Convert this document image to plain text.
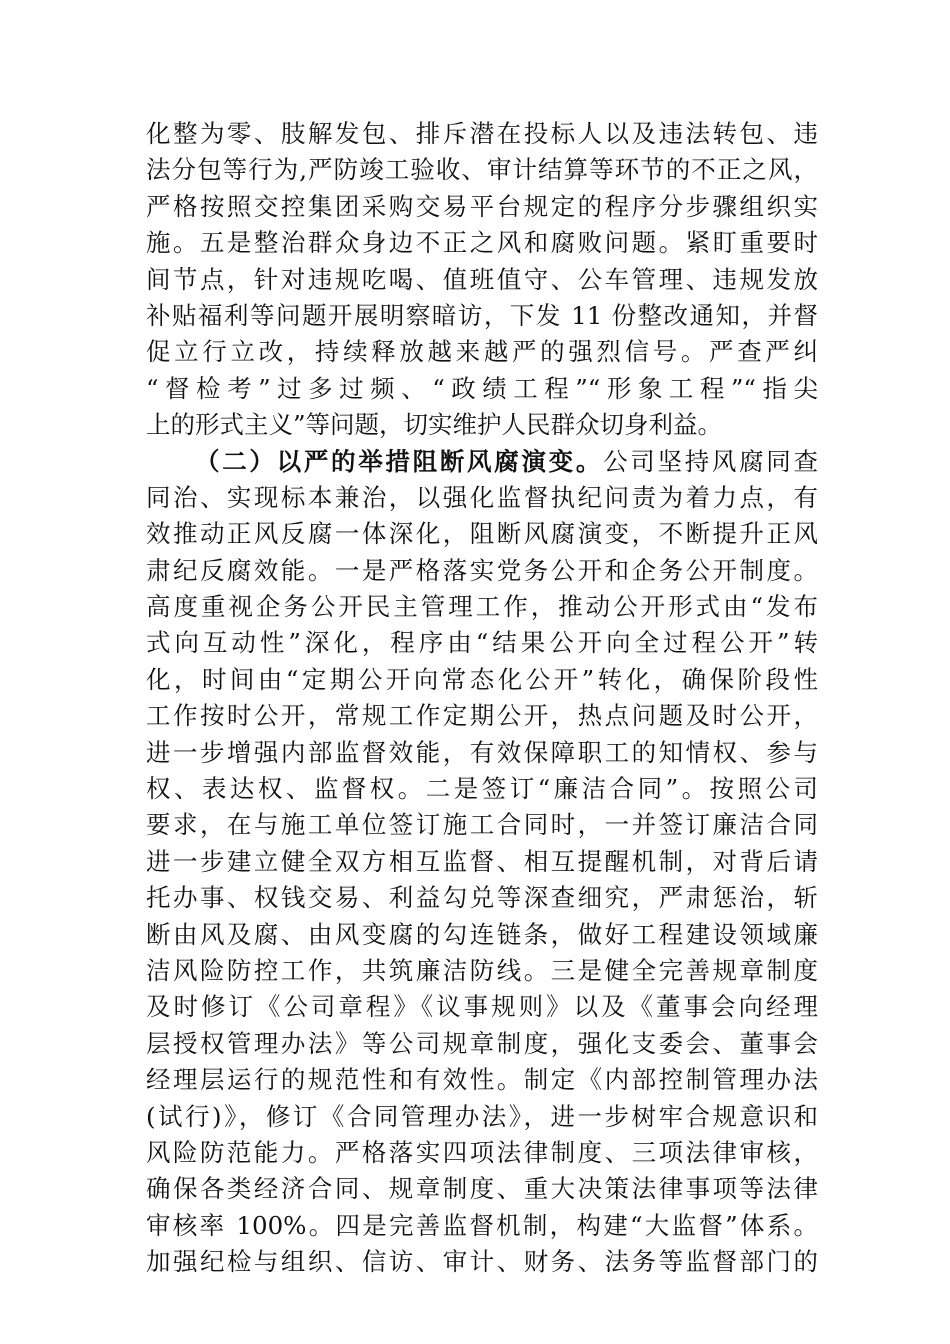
化整为零、肢解发包、排斥潜在投标人以及违法转包、违
法分包等行为,严防竣工验收、审计结算等环节的不正之风，
严格按照交控集团采购交易平台规定的程序分步骤组织实
施。五是整治群众身边不正之风和腐败问题。紧盯重要时
间节点，针对违规吃喝、值班值守、公车管理、违规发放
补贴福利等问题开展明察暗访，下发 11 份整改通知，并督
促立行立改，持续释放越来越严的强烈信号。严查严纠
“督检考”过多过频、“政绩工程”“形象工程”“指尖
上的形式主义”等问题，切实维护人民群众切身利益。
（二）以严的举措阻断风腐演变。公司坚持风腐同查
同治、实现标本兼治，以强化监督执纪问责为着力点，有
效推动正风反腐一体深化，阻断风腐演变，不断提升正风
肃纪反腐效能。一是严格落实党务公开和企务公开制度。
高度重视企务公开民主管理工作，推动公开形式由“发布
式向互动性”深化，程序由“结果公开向全过程公开”转
化，时间由“定期公开向常态化公开”转化，确保阶段性
工作按时公开，常规工作定期公开，热点问题及时公开，
进一步增强内部监督效能，有效保障职工的知情权、参与
权、表达权、监督权。二是签订“廉洁合同”。按照公司
要求，在与施工单位签订施工合同时，一并签订廉洁合同
进一步建立健全双方相互监督、相互提醒机制，对背后请
托办事、权钱交易、利益勾兑等深查细究，严肃惩治，斩
断由风及腐、由风变腐的勾连链条，做好工程建设领域廉
洁风险防控工作，共筑廉洁防线。三是健全完善规章制度
及时修订《公司章程》《议事规则》以及《董事会向经理
层授权管理办法》等公司规章制度，强化支委会、董事会
经理层运行的规范性和有效性。制定《内部控制管理办法
(试行)》，修订《合同管理办法》，进一步树牢合规意识和
风险防范能力。严格落实四项法律制度、三项法律审核，
确保各类经济合同、规章制度、重大决策法律事项等法律
审核率 100%。四是完善监督机制，构建“大监督”体系。
加强纪检与组织、信访、审计、财务、法务等监督部门的
